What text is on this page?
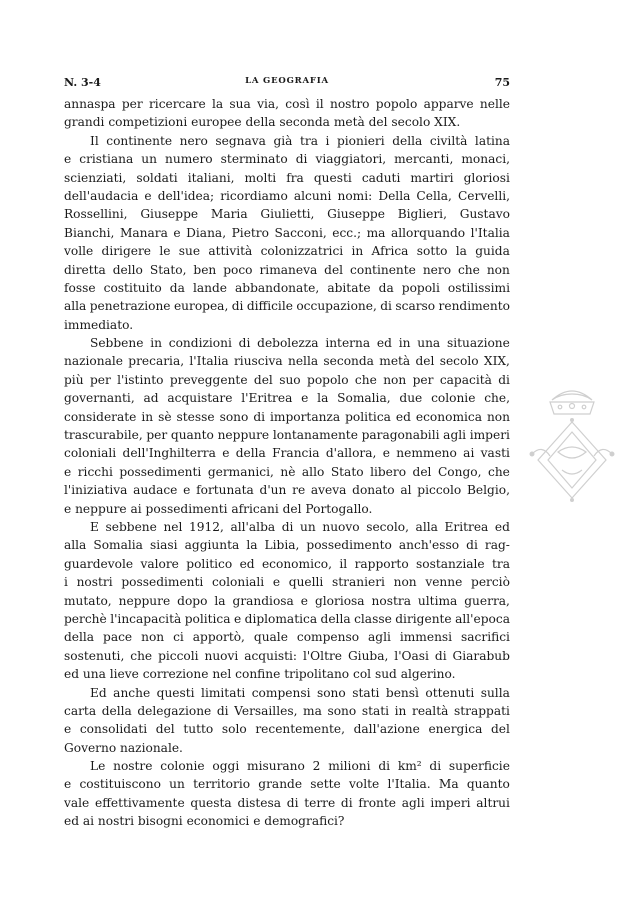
N. 3-4	LA GEOGRAFIA	75
annaspa per ricercare la sua via, così il nostro popolo apparve nelle
grandi competizioni europee della seconda metà del secolo XIX.
Il continente nero segnava già tra i pionieri della civiltà latina
e cristiana un numero sterminato di viaggiatori, mercanti, monaci,
scienziati, soldati italiani, molti fra questi caduti martiri gloriosi
dell'audacia e dell'idea; ricordiamo alcuni nomi: Della Cella, Cervelli,
Rossellini, Giuseppe Maria Giulietti, Giuseppe Biglieri, Gustavo
Bianchi, Manara e Diana, Pietro Sacconi, ecc.; ma allorquando l'Italia
volle dirigere le sue attività colonizzatrici in Africa sotto la guida
diretta dello Stato, ben poco rimaneva del continente nero che non
fosse costituito da lande abbandonate, abitate da popoli ostilissimi
alla penetrazione europea, di difficile occupazione, di scarso rendimento
immediato.
Sebbene in condizioni di debolezza interna ed in una situazione
nazionale precaria, l'Italia riusciva nella seconda metà del secolo XIX,
più per l'istinto preveggente del suo popolo che non per capacità di
governanti, ad acquistare l'Eritrea e la Somalia, due colonie che,
considerate in sè stesse sono di importanza politica ed economica non
trascurabile, per quanto neppure lontanamente paragonabili agli imperi
coloniali dell'Inghilterra e della Francia d'allora, e nemmeno ai vasti
e ricchi possedimenti germanici, nè allo Stato libero del Congo, che
l'iniziativa audace e fortunata d'un re aveva donato al piccolo Belgio,
e neppure ai possedimenti africani del Portogallo.
E sebbene nel 1912, all'alba di un nuovo secolo, alla Eritrea ed
alla Somalia siasi aggiunta la Libia, possedimento anch'esso di rag-
guardevole valore politico ed economico, il rapporto sostanziale tra
i nostri possedimenti coloniali e quelli stranieri non venne perciò
mutato, neppure dopo la grandiosa e gloriosa nostra ultima guerra,
perchè l'incapacità politica e diplomatica della classe dirigente all'epoca
della pace non ci apportò, quale compenso agli immensi sacrifici
sostenuti, che piccoli nuovi acquisti: l'Oltre Giuba, l'Oasi di Giarabub
ed una lieve correzione nel confine tripolitano col sud algerino.
Ed anche questi limitati compensi sono stati bensì ottenuti sulla
carta della delegazione di Versailles, ma sono stati in realtà strappati
e consolidati del tutto solo recentemente, dall'azione energica del
Governo nazionale.
Le nostre colonie oggi misurano 2 milioni di km² di superficie
e costituiscono un territorio grande sette volte l'Italia. Ma quanto
vale effettivamente questa distesa di terre di fronte agli imperi altrui
ed ai nostri bisogni economici e demografici?
